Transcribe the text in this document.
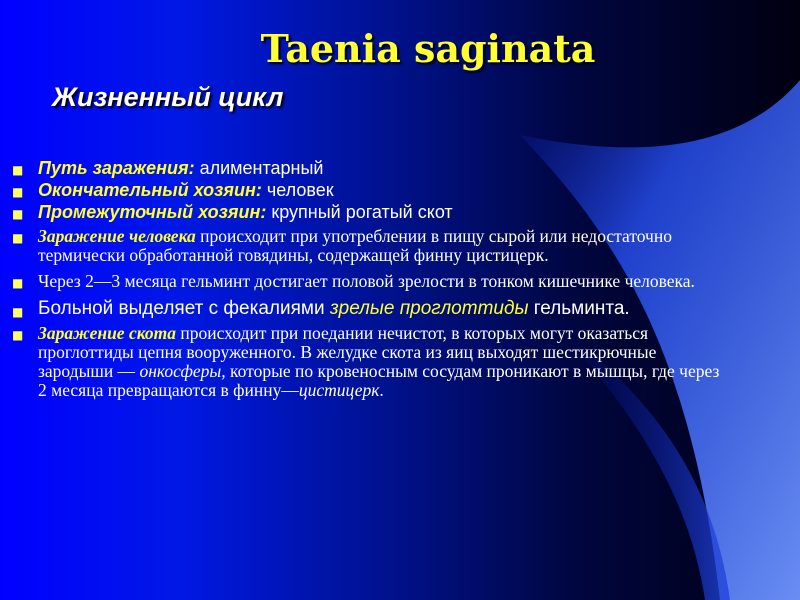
Taenia saginata
Жизненный цикл
■ Путь заражения: алиментарный
■ Окончательный хозяин: человек
■ Промежуточный хозяин: крупный рогатый скот
■ Заражение человека происходит при употреблении в пищу сырой или недостаточно термически обработанной говядины, содержащей финну цистицерк.
■ Через 2—3 месяца гельминт достигает половой зрелости в тонком кишечнике человека.
■ Больной выделяет с фекалиями зрелые проглоттиды гельминта.
■ Заражение скота происходит при поедании нечистот, в которых могут оказаться проглоттиды цепня вооруженного. В желудке скота из яиц выходят шестикрючные зародыши — онкосферы, которые по кровеносным сосудам проникают в мышцы, где через 2 месяца превращаются в финну—цистицерк.
